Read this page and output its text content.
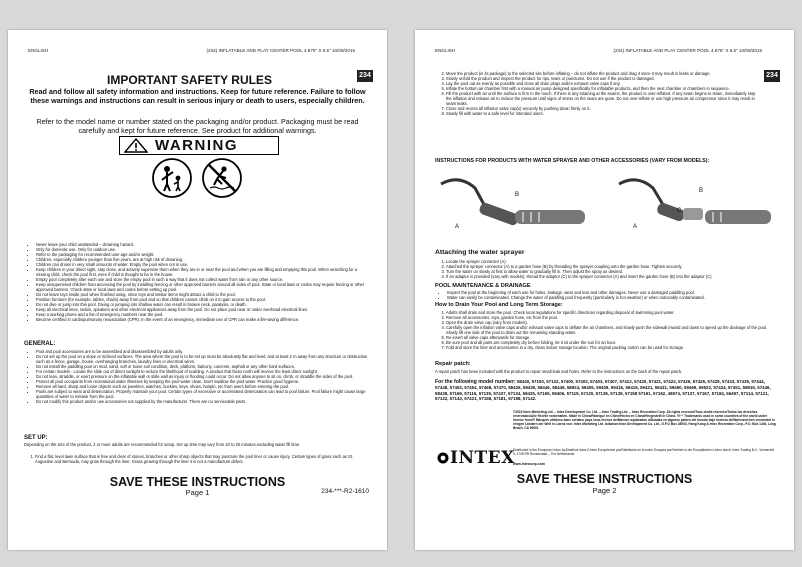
ENGLISH	(234) INFLATABLE AND PLAY CENTER POOL 4.875" X 6.5" 10/09/2015
234
IMPORTANT SAFETY RULES
Read and follow all safety information and instructions. Keep for future reference. Failure to follow these warnings and instructions can result in serious injury or death to users, especially children.
Refer to the model name or number stated on the packaging and/or product. Packaging must be read carefully and kept for future reference. See product for additional warnings.
WARNING
• Never leave your child unattended – drowning hazard.
• Only for domestic use. Only for outdoor use.
• Refer to the packaging for recommended user age and/or weight.
• Children, especially children younger than five years, are at high risk of drowning.
• Children can drown in very small amounts of water. Empty the pool when not in use.
• Keep children in your direct sight, stay close, and actively supervise them when they are in or near the pool and when you are filling and emptying this pool. When searching for a missing child, check the pool first, even if child is thought to be in the house.
• Empty pool completely after each use and store the empty pool in such a way that it does not collect water from rain or any other source.
• Keep unsupervised children from accessing the pool by installing fencing or other approved barriers around all sides of pool. State or local laws or codes may require fencing or other approved barriers. Check state or local laws and codes before setting up pool.
• Do not leave toys inside pool when finished using, since toys and similar items might attract a child to the pool.
• Position furniture (for example, tables, chairs) away from pool and so that children cannot climb on it to gain access to the pool.
• Do not dive or jump into this pool. Diving or jumping into shallow water can result in broken neck, paralysis, or death.
• Keep all electrical lines, radios, speakers and other electrical appliances away from the pool. Do not place pool near or under overhead electrical lines.
• Keep a working phone and a list of emergency numbers near the pool.
• Become certified in cardiopulmonary resuscitation (CPR). In the event of an emergency, immediate use of CPR can make a life-saving difference.
GENERAL:
• Pool and pool accessories are to be assembled and disassembled by adults only.
• Do not set up the pool on a slope or inclined surfaces. The area where the pool is to be set up must be absolutely flat and level; and at least 2 m away from any structure or obstruction such as a fence, garage, house, overhanging branches, laundry lines or electrical wires.
• Do not install the paddling pool on mud, sand, soft or loose soil condition, deck, platform, balcony, concrete, asphalt or any other hard surfaces.
• For certain models - Locate the slide out of direct sunlight to reduce the likelihood of scalding. A product that faces north will receive the least direct sunlight.
• Do not lean, straddle, or exert pressure on the inflatable wall or slide wall as injury or flooding could occur. Do not allow anyone to sit on, climb, or straddle the sides of the pool.
• Protect all pool occupants from recreational water illnesses by keeping the pool water clean. Don't swallow the pool water. Practice good hygiene.
• Remove all hard, sharp and loose objects such as jewelries, watches, buckles, keys, shoes, hairpin, etc from users before entering the pool.
• Pools are subject to wear and deterioration. Properly maintain your pool. Certain types of excessive or accelerated deterioration can lead to pool failure. Pool failure might cause large quantities of water to release from the pool.
• Do not modify this product and/or use accessories not supplied by the manufacturer. There are no serviceable parts.
SET UP:
Depending on the size of the product, 2 or more adults are recommended for setup. Set up time may vary from 10 to 20 minutes excluding water fill time.
1. Find a flat, level lawn surface that is free and clear of stones, branches or other sharp objects that may puncture the pool liner or cause injury. Certain types of grass such as St. Augustine and Bermuda, may grow through the liner. Grass growing through the liner it is not a manufacture defect.
SAVE THESE INSTRUCTIONS
Page 1	234-***-R2-1610
ENGLISH	(234) INFLATABLE AND PLAY CENTER POOL 4.875" X 6.5" 10/09/2015
234
2. Move the product (in its package) to the selected site before inflating – do not inflate the product and drag it since it may result in leaks or damage.
3. Slowly unfold the product and inspect the product for rips, tears or punctures. Do not use if the product is damaged.
4. Lay the pool out as evenly as possible and close all drain plugs and/or exhaust valve caps if any.
5. Inflate the bottom air chamber first with a manual air pump designed specifically for inflatable products, and then the next chamber or chambers in sequence.
6. Fill the product with air until the surface is firm to the touch. If there is any straining at the seams, the product is over-inflated. If any seam begins to strain, immediately stop the inflation and release air to reduce the pressure until signs of stress on the seam are gone. Do not over-inflate or use high pressure air compressor since it may result in seam leaks.
7. Close and recess all inflation valve cap(s) securely by pushing down firmly on it.
8. Slowly fill with water to a safe level for intended users.
INSTRUCTIONS FOR PRODUCTS WITH WATER SPRAYER AND OTHER ACCESSORIES (VARY FROM MODELS):
A
B
A
B
C
Attaching the water sprayer
1. Locate the sprayer connector (A).
2. Attached the sprayer connector (A) to a garden hose (B) by threading the sprayer coupling onto the garden hose. Tighten securely.
3. Turn the water on slowly at first to allow water to gradually fill in. Then adjust the spray as desired.
4. If an adaptor is provided (vary with models), thread the adaptor (C) to the sprayer connector (A) and insert the garden hose (B) into the adaptor (C).
POOL MAINTENANCE & DRAINAGE
• Inspect the pool at the beginning of each use for holes, leakage, wear and tear and other damages. Never use a damaged paddling pool.
• Water can easily be contaminated. Change the water of paddling pool frequently (particularly in hot weather) or when noticeably contaminated.
How to Drain Your Pool and Long Term Storage:
1. Adults shall drain and store the pool. Check local regulations for specific directions regarding disposal of swimming pool water.
2. Remove all accessories, toys, garden hose, etc from the pool.
3. Open the drain valve cap (vary from models).
4. Carefully open the inflation valve caps and/or exhaust valve caps to deflate the air chambers, and slowly push the sidewall inward and down to speed up the drainage of the pool. Slowly lift one side of the pool to drain out the remaining standing water.
5. Re-insert all valve caps afterwards for storage.
6. Be sure pool and all parts are completely dry before folding, let it sit under the sun for an hour.
7. Fold and store the liner and accessories in a dry, clean indoor storage location. The original packing carton can be used for storage.
Repair patch:
A repair patch has been included with the product to repair small leak and holes. Refer to the instructions on the back of the repair patch.
For the following model number: 58440, 57100, 57132, 57400, 57402, 57403, 57407, 57412, 57420, 57421, 57422, 57426, 57428, 57429, 57433, 57435, 57444, 57448, 57453, 57454, 57468, 57470, 58426, 58439, 58446, 58449, 58924, 59405, 59409, 59416, 59419, 59421, 59431, 59460, 59469, 59522, 57434, 57451, 58915, 57446, 58428, 57169, 57116, 57135, 57437, 57134, 58425, 57165, 59406, 57119, 57120, 57136, 57139, 57158 57161, 57162, 48674, 57137, 57167, 57184, 56497, 57114, 57121, 57122, 57143, 57421, 57158, 57181, 57198, 57142.
INTEX
©2015 Intex Marketing Ltd. – Intex Development Co. Ltd. – Intex Trading Ltd. – Intex Recreation Corp. All rights reserved/Tous droits réservés/Todos los derechos reservados/Alle Rechte vorbehalten. Made in China/Fabriqué en Chine/Hecho en China/Hergestellt in China. ®/™ Trademarks used in some countries of the world under license from/® Marques utilisées dans certains pays sous licence de/Marcas registradas utilizadas en algunos países del mundo bajo licencia de/Warenzeichen verwendet in einigen Ländern der Welt in Lizenz von: Intex Marketing Ltd. to/à/a/an Intex Development Co. Ltd., G.P.O Box 28503, Hong Kong & Intex Recreation Corp., P.O. Box 1440, Long Beach, CA 90801
Distributed in the European Union by/Distribué dans l'Union Européenne par/Distribuido en la unión Europea por/Vertrieb in der Europäischen Union durch: Intex Trading B.V., Venneveld 9, 4705 RR Roosendaal – The Netherlands
www.intexcorp.com
SAVE THESE INSTRUCTIONS
Page 2
